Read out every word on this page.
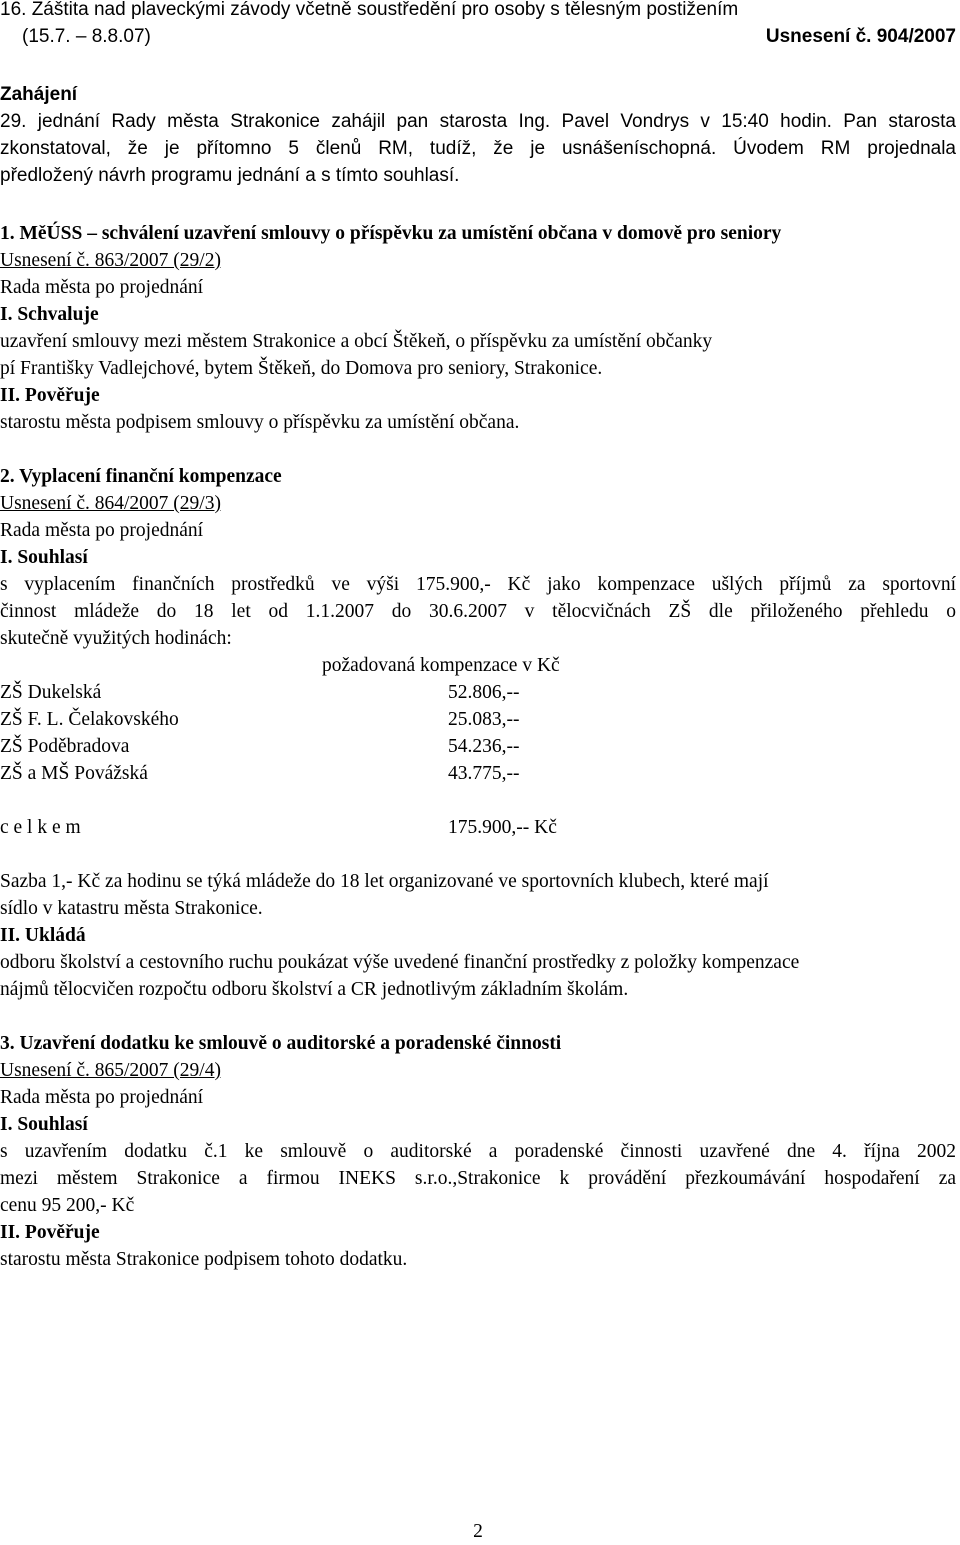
16. Záštita nad plaveckými závody včetně soustředění pro osoby s tělesným postižením
(15.7. – 8.8.07)	Usnesení č. 904/2007
Zahájení
29. jednání Rady města Strakonice zahájil pan starosta Ing. Pavel Vondrys v 15:40 hodin. Pan starosta
zkonstatoval, že je přítomno 5 členů RM, tudíž, že je usnášeníschopná. Úvodem RM projednala
předložený návrh programu jednání a s tímto souhlasí.
1. MěÚSS – schválení uzavření smlouvy o příspěvku za umístění občana v domově pro seniory
Usnesení č. 863/2007 (29/2)
Rada města po projednání
I. Schvaluje
uzavření smlouvy mezi městem Strakonice a obcí Štěkeň, o příspěvku za umístění občanky
pí Františky Vadlejchové, bytem Štěkeň, do Domova pro seniory, Strakonice.
II. Pověřuje
starostu města podpisem smlouvy o příspěvku za umístění občana.
2. Vyplacení finanční kompenzace
Usnesení č. 864/2007 (29/3)
Rada města po projednání
I. Souhlasí
s vyplacením finančních prostředků ve výši 175.900,- Kč jako kompenzace ušlých příjmů za sportovní
činnost mládeže do 18 let od 1.1.2007 do 30.6.2007 v tělocvičnách ZŠ dle přiloženého přehledu o
skutečně využitých hodinách:
požadovaná kompenzace v Kč
ZŠ Dukelská	52.806,--
ZŠ F. L. Čelakovského	25.083,--
ZŠ Poděbradova	54.236,--
ZŠ a MŠ Povážská	43.775,--
c e l k e m	175.900,-- Kč
Sazba 1,- Kč za hodinu se týká mládeže do 18 let organizované ve sportovních klubech, které mají
sídlo v katastru města Strakonice.
II. Ukládá
odboru školství a cestovního ruchu poukázat výše uvedené finanční prostředky z položky kompenzace
nájmů tělocvičen rozpočtu odboru školství a CR jednotlivým základním školám.
3. Uzavření dodatku ke smlouvě o auditorské a poradenské činnosti
Usnesení č. 865/2007 (29/4)
Rada města po projednání
I. Souhlasí
s uzavřením dodatku č.1 ke smlouvě o auditorské a poradenské činnosti uzavřené dne 4. října 2002
mezi městem Strakonice a firmou INEKS s.r.o.,Strakonice k provádění přezkoumávání hospodaření za
cenu 95 200,- Kč
II. Pověřuje
starostu města Strakonice podpisem tohoto dodatku.
2
